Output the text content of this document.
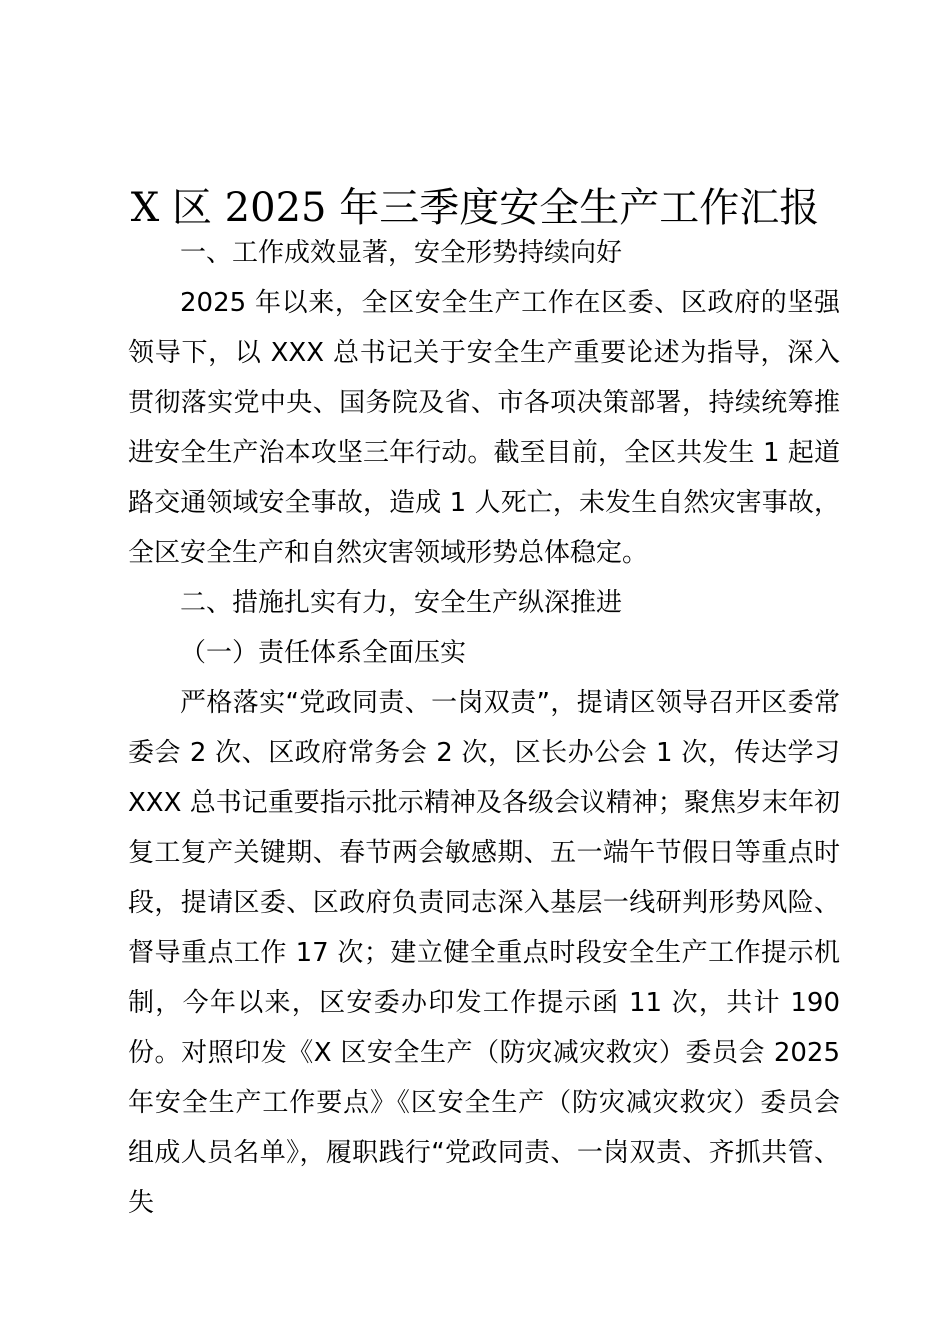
X 区 2025 年三季度安全生产工作汇报

一、工作成效显著，安全形势持续向好

2025 年以来，全区安全生产工作在区委、区政府的坚强领导下，以 XXX 总书记关于安全生产重要论述为指导，深入贯彻落实党中央、国务院及省、市各项决策部署，持续统筹推进安全生产治本攻坚三年行动。截至目前，全区共发生 1 起道路交通领域安全事故，造成 1 人死亡，未发生自然灾害事故，全区安全生产和自然灾害领域形势总体稳定。

二、措施扎实有力，安全生产纵深推进

（一）责任体系全面压实

严格落实“党政同责、一岗双责”，提请区领导召开区委常委会 2 次、区政府常务会 2 次，区长办公会 1 次，传达学习 XXX 总书记重要指示批示精神及各级会议精神；聚焦岁末年初复工复产关键期、春节两会敏感期、五一端午节假日等重点时段，提请区委、区政府负责同志深入基层一线研判形势风险、督导重点工作 17 次；建立健全重点时段安全生产工作提示机制，今年以来，区安委办印发工作提示函 11 次，共计 190 份。对照印发《X 区安全生产（防灾减灾救灾）委员会 2025 年安全生产工作要点》《区安全生产（防灾减灾救灾）委员会组成人员名单》，履职践行“党政同责、一岗双责、齐抓共管、失
